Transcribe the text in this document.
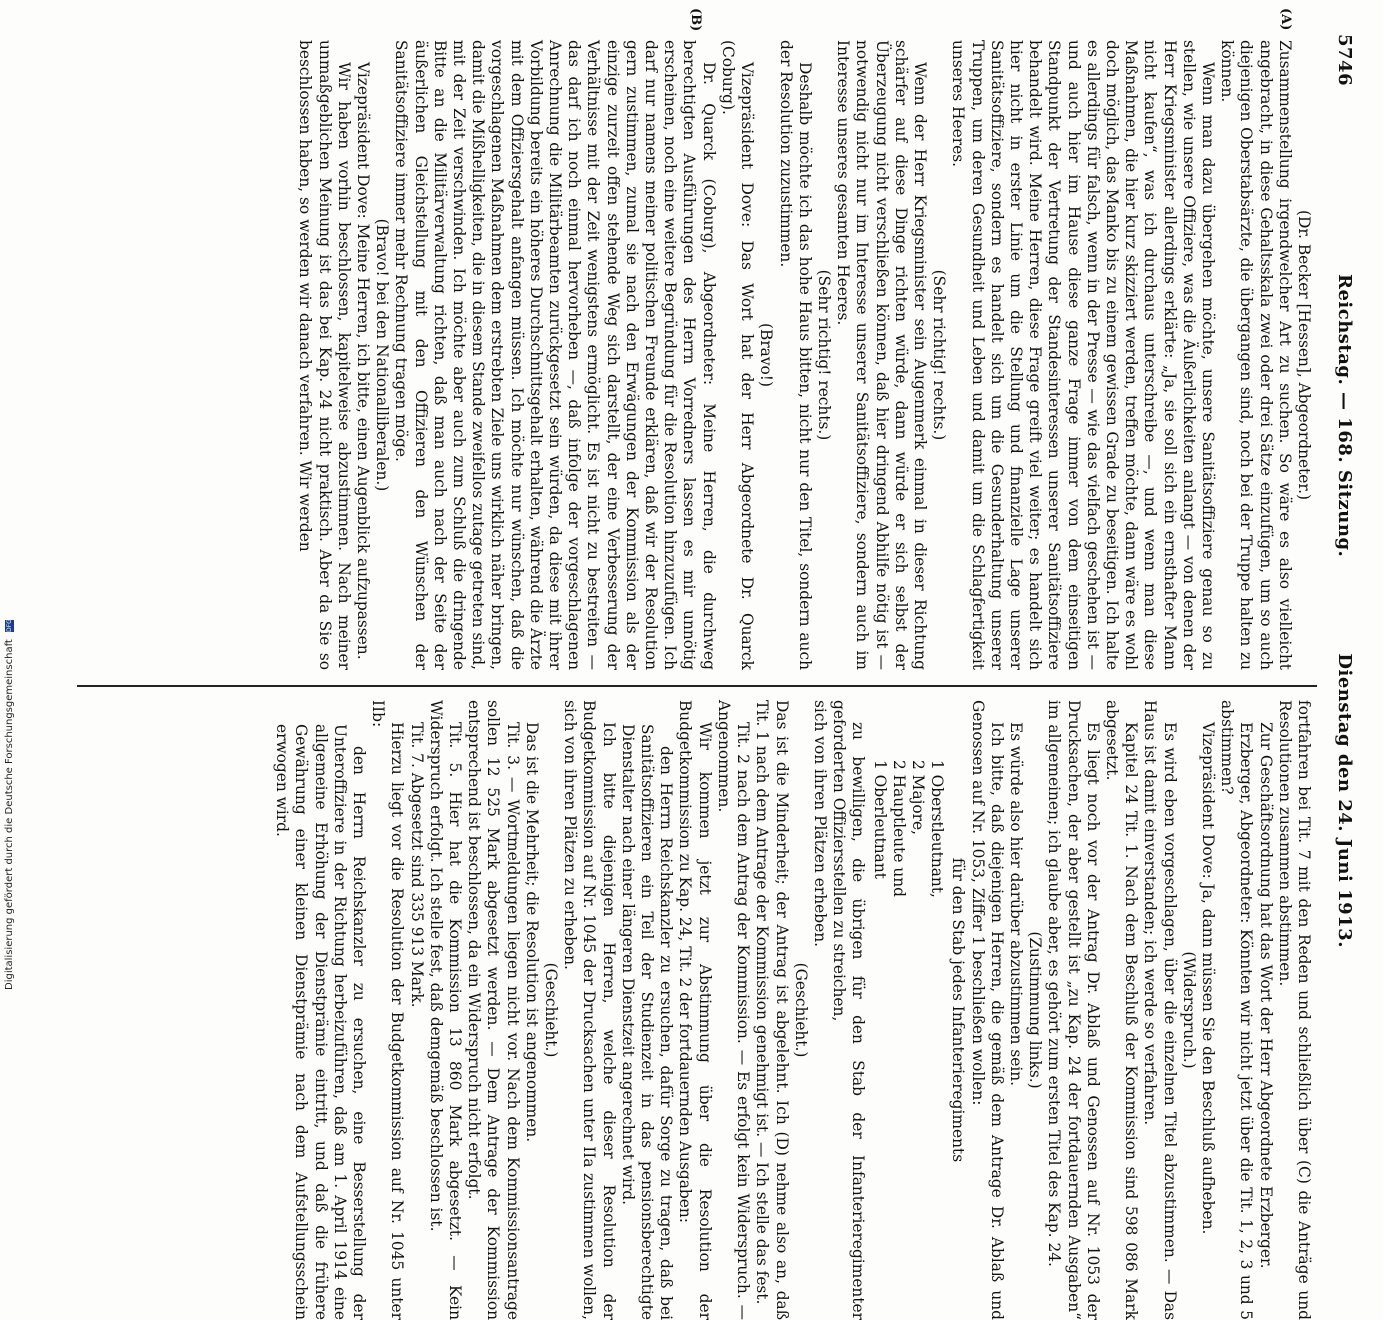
5746
Reichstag. — 168. Sitzung.
Dienstag den 24. Juni 1913.
(A)
(B)

(Dr. Becker [Hessen], Abgeordneter.)

Zusammenstellung irgendwelcher Art zu suchen. So wäre es also vielleicht angebracht, in diese Gehaltsskala zwei oder drei Sätze einzufügen, um so auch diejenigen Oberstabsärzte, die übergangen sind, noch bei der Truppe halten zu können.

Wenn man dazu übergehen möchte, unsere Sanitätsoffiziere genau so zu stellen, wie unsere Offiziere, was die Äußerlichkeiten anlangt — von denen der Herr Kriegsminister allerdings erklärte: „Ja, sie soll sich ein ernsthafter Mann nicht kaufen“, was ich durchaus unterschreibe —, und wenn man diese Maßnahmen, die hier kurz skizziert werden, treffen möchte, dann wäre es wohl doch möglich, das Manko bis zu einem gewissen Grade zu beseitigen. Ich halte es allerdings für falsch, wenn in der Presse — wie das vielfach geschehen ist — und auch hier im Hause diese ganze Frage immer von dem einseitigen Standpunkt der Vertretung der Standesinteressen unserer Sanitätsoffiziere behandelt wird. Meine Herren, diese Frage greift viel weiter; es handelt sich hier nicht in erster Linie um die Stellung und finanzielle Lage unserer Sanitätsoffiziere, sondern es handelt sich um die Gesunderhaltung unserer Truppen, um deren Gesundheit und Leben und damit um die Schlagfertigkeit unseres Heeres.

(Sehr richtig! rechts.)

Wenn der Herr Kriegsminister sein Augenmerk einmal in dieser Richtung schärfer auf diese Dinge richten würde, dann würde er sich selbst der Überzeugung nicht verschließen können, daß hier dringend Abhilfe nötig ist — notwendig nicht nur im Interesse unserer Sanitätsoffiziere, sondern auch im Interesse unseres gesamten Heeres.

(Sehr richtig! rechts.)

Deshalb möchte ich das hohe Haus bitten, nicht nur den Titel, sondern auch der Resolution zuzustimmen.

(Bravo!)

Vizepräsident Dove: Das Wort hat der Herr Abgeordnete Dr. Quarck (Coburg).

Dr. Quarck (Coburg), Abgeordneter: Meine Herren, die durchweg berechtigten Ausführungen des Herrn Vorredners lassen es mir unnötig erscheinen, noch eine weitere Begründung für die Resolution hinzuzufügen. Ich darf nur namens meiner politischen Freunde erklären, daß wir der Resolution gern zustimmen, zumal sie nach den Erwägungen der Kommission als der einzige zurzeit offen stehende Weg sich darstellt, der eine Verbesserung der Verhältnisse mit der Zeit wenigstens ermöglicht. Es ist nicht zu bestreiten — das darf ich noch einmal hervorheben —, daß infolge der vorgeschlagenen Anrechnung die Militärbeamten zurückgesetzt sein würden, da diese mit ihrer Vorbildung bereits ein höheres Durchschnittsgehalt erhalten, während die Ärzte mit dem Offiziersgehalt anfangen müssen. Ich möchte nur wünschen, daß die vorgeschlagenen Maßnahmen dem erstrebten Ziele uns wirklich näher bringen, damit die Mißhelligkeiten, die in diesem Stande zweifellos zutage getreten sind, mit der Zeit verschwinden. Ich möchte aber auch zum Schluß die dringende Bitte an die Militärverwaltung richten, daß man auch nach der Seite der äußerlichen Gleichstellung mit den Offizieren den Wünschen der Sanitätsoffiziere immer mehr Rechnung tragen möge.

(Bravo! bei den Nationalliberalen.)

Vizepräsident Dove: Meine Herren, ich bitte, einen Augenblick aufzupassen.

Wir haben vorhin beschlossen, kapitelweise abzustimmen. Nach meiner unmaßgeblichen Meinung ist das bei Kap. 24 nicht praktisch. Aber da Sie so beschlossen haben, so werden wir danach verfahren. Wir werden

fortfahren bei Tit. 7 mit den Reden und schließlich über (C) die Anträge und Resolutionen zusammen abstimmen.

Zur Geschäftsordnung hat das Wort der Herr Abgeordnete Erzberger.

Erzberger, Abgeordneter: Könnten wir nicht jetzt über die Tit. 1, 2, 3 und 5 abstimmen?

Vizepräsident Dove: Ja, dann müssen Sie den Beschluß aufheben.

(Widerspruch.)

Es wird eben vorgeschlagen, über die einzelnen Titel abzustimmen. — Das Haus ist damit einverstanden; ich werde so verfahren.

Kapitel 24 Tit. 1. Nach dem Beschluß der Kommission sind 598 086 Mark abgesetzt.

Es liegt noch vor der Antrag Dr. Ablaß und Genossen auf Nr. 1053 der Drucksachen, der aber gestellt ist „zu Kap. 24 der fortdauernden Ausgaben“ im allgemeinen; ich glaube aber, es gehört zum ersten Titel des Kap. 24.

(Zustimmung links.)

Es würde also hier darüber abzustimmen sein.

Ich bitte, daß diejenigen Herren, die gemäß dem Antrage Dr. Ablaß und Genossen auf Nr. 1053, Ziffer 1 beschließen wollen:

für den Stab jedes Infanterieregiments

1 Oberstleutnant,
2 Majore,
2 Hauptleute und
1 Oberleutnant

zu bewilligen, die übrigen für den Stab der Infanterieregimenter geforderten Offiziersstellen zu streichen,

sich von ihren Plätzen erheben.

(Geschieht.)

Das ist die Minderheit; der Antrag ist abgelehnt. Ich (D) nehme also an, daß Tit. 1 nach dem Antrage der Kommission genehmigt ist. — Ich stelle das fest.

Tit. 2 nach dem Antrag der Kommission. — Es erfolgt kein Widerspruch. — Angenommen.

Wir kommen jetzt zur Abstimmung über die Resolution der Budgetkommission zu Kap. 24, Tit. 2 der fortdauernden Ausgaben:

den Herrn Reichskanzler zu ersuchen, dafür Sorge zu tragen, daß bei Sanitätsoffizieren ein Teil der Studienzeit in das pensionsberechtigte Dienstalter nach einer längeren Dienstzeit angerechnet wird.

Ich bitte diejenigen Herren, welche dieser Resolution der Budgetkommission auf Nr. 1045 der Drucksachen unter IIa zustimmen wollen, sich von ihren Plätzen zu erheben.

(Geschieht.)

Das ist die Mehrheit; die Resolution ist angenommen.

Tit. 3. — Wortmeldungen liegen nicht vor. Nach dem Kommissionsantrage sollen 12 525 Mark abgesetzt werden. — Dem Antrage der Kommission entsprechend ist beschlossen, da ein Widerspruch nicht erfolgt.

Tit. 5. Hier hat die Kommission 13 860 Mark abgesetzt. — Kein Widerspruch erfolgt. Ich stelle fest, daß demgemäß beschlossen ist.

Tit. 7. Abgesetzt sind 335 913 Mark.

Hierzu liegt vor die Resolution der Budgetkommission auf Nr. 1045 unter IIb:

den Herrn Reichskanzler zu ersuchen, eine Besserstellung der Unteroffiziere in der Richtung herbeizuführen, daß am 1. April 1914 eine allgemeine Erhöhung der Dienstprämie eintritt, und daß die frühere Gewährung einer kleinen Dienstprämie nach dem Aufstellungsschein erwogen wird.

Digitalisierung gefördert durch die Deutsche Forschungsgemeinschaft DFG
